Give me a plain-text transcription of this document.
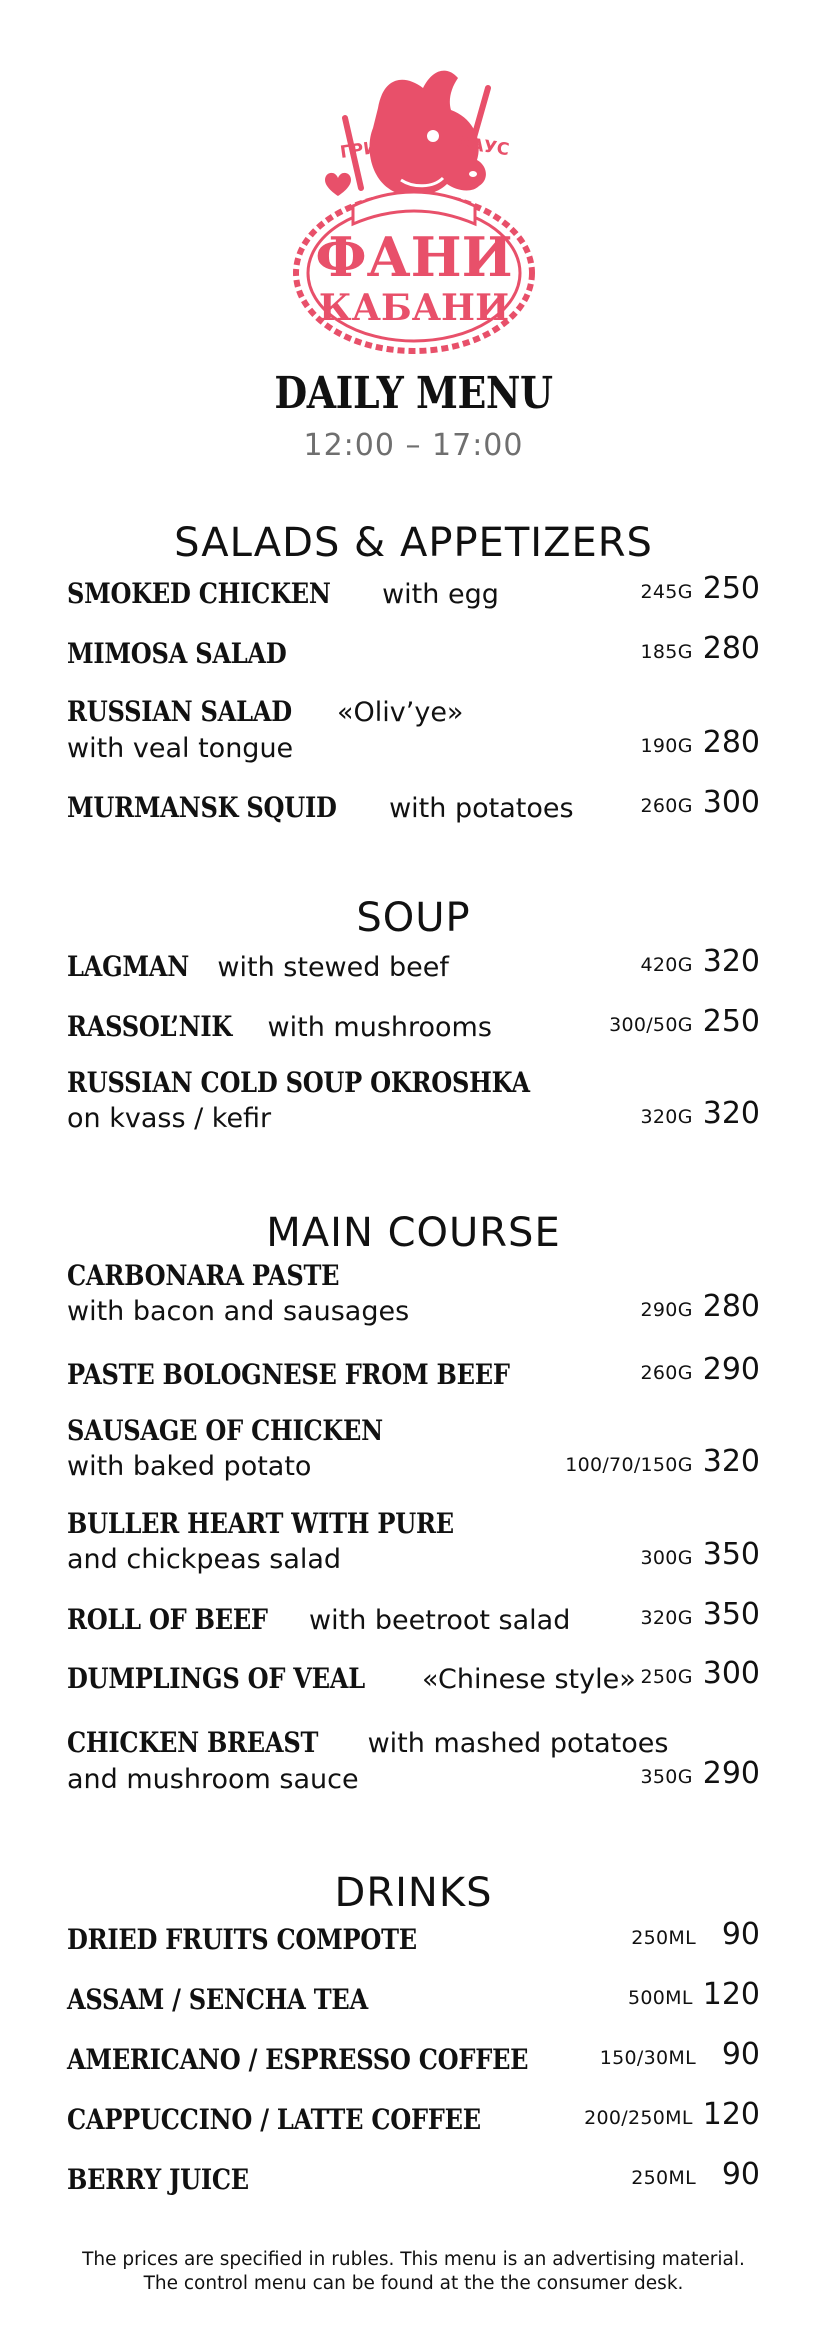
ГРИЛЬ	ХАУС
ФАНИ
КАБАНИ
DAILY MENU
12:00 – 17:00
SALADS & APPETIZERS
SMOKED CHICKEN with egg	245G 250
MIMOSA SALAD	185G 280
RUSSIAN SALAD «Oliv’ye»
with veal tongue	190G 280
MURMANSK SQUID with potatoes	260G 300
SOUP
LAGMAN with stewed beef	420G 320
RASSOL’NIK with mushrooms	300/50G 250
RUSSIAN COLD SOUP OKROSHKA
on kvass / kefir	320G 320
MAIN COURSE
CARBONARA PASTE
with bacon and sausages	290G 280
PASTE BOLOGNESE FROM BEEF	260G 290
SAUSAGE OF CHICKEN
with baked potato	100/70/150G 320
BULLER HEART WITH PURE
and chickpeas salad	300G 350
ROLL OF BEEF with beetroot salad	320G 350
DUMPLINGS OF VEAL «Chinese style» 250G 300
CHICKEN BREAST with mashed potatoes
and mushroom sauce	350G 290
DRINKS
DRIED FRUITS COMPOTE	250ML 90
ASSAM / SENCHA TEA	500ML 120
AMERICANO / ESPRESSO COFFEE	150/30ML 90
CAPPUCCINO / LATTE COFFEE	200/250ML 120
BERRY JUICE	250ML 90
The prices are specified in rubles. This menu is an advertising material.
The control menu can be found at the the consumer desk.
